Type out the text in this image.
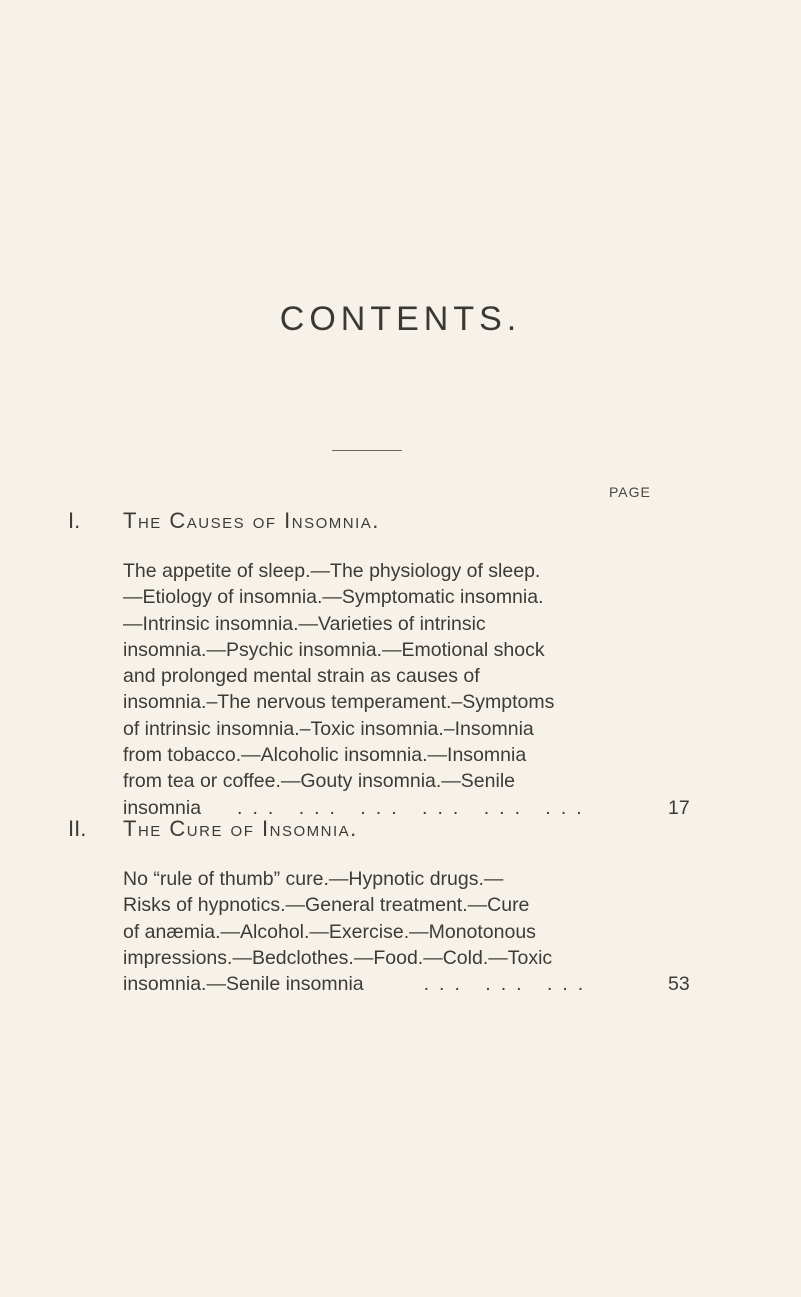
CONTENTS.
PAGE
I. The Causes of Insomnia.
The appetite of sleep.—The physiology of sleep.
—Etiology of insomnia.—Symptomatic insomnia.
—Intrinsic insomnia.—Varieties of intrinsic
insomnia.—Psychic insomnia.—Emotional shock
and prolonged mental strain as causes of
insomnia.–The nervous temperament.–Symptoms
of intrinsic insomnia.–Toxic insomnia.–Insomnia
from tobacco.—Alcoholic insomnia.—Insomnia
from tea or coffee.—Gouty insomnia.—Senile
insomnia ... ... ... ... ... ...	17
II. The Cure of Insomnia.
No “rule of thumb” cure.—Hypnotic drugs.—
Risks of hypnotics.—General treatment.—Cure
of anæmia.—Alcohol.—Exercise.—Monotonous
impressions.—Bedclothes.—Food.—Cold.—Toxic
insomnia.—Senile insomnia	... ... ...	53
